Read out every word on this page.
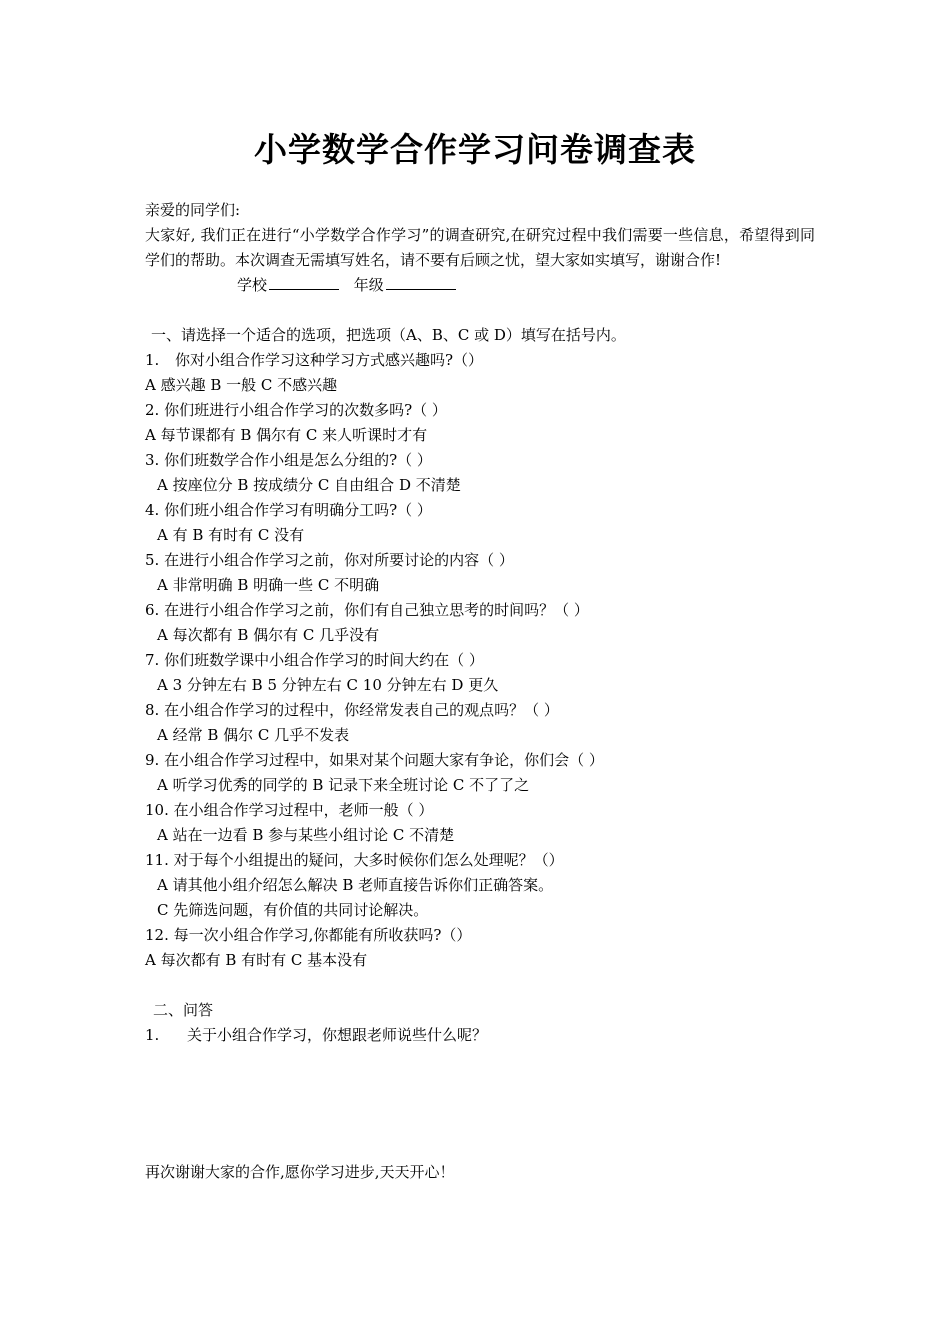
小学数学合作学习问卷调查表
亲爱的同学们:
大家好, 我们正在进行“小学数学合作学习”的调查研究,在研究过程中我们需要一些信息，希望得到同学们的帮助。本次调查无需填写姓名，请不要有后顾之忧，望大家如实填写，谢谢合作!
学校	年级
一、请选择一个适合的选项，把选项（A、B、C 或 D）填写在括号内。
1. 你对小组合作学习这种学习方式感兴趣吗?（）
A 感兴趣 B 一般 C 不感兴趣
2. 你们班进行小组合作学习的次数多吗?（ ）
A 每节课都有 B 偶尔有 C 来人听课时才有
3. 你们班数学合作小组是怎么分组的?（ ）
A 按座位分 B 按成绩分 C 自由组合 D 不清楚
4. 你们班小组合作学习有明确分工吗?（ ）
A 有 B 有时有 C 没有
5. 在进行小组合作学习之前，你对所要讨论的内容（ ）
A 非常明确 B 明确一些 C 不明确
6. 在进行小组合作学习之前，你们有自己独立思考的时间吗？（ ）
A 每次都有 B 偶尔有 C 几乎没有
7. 你们班数学课中小组合作学习的时间大约在（ ）
A 3 分钟左右 B 5 分钟左右 C 10 分钟左右 D 更久
8. 在小组合作学习的过程中，你经常发表自己的观点吗？（ ）
A 经常 B 偶尔 C 几乎不发表
9. 在小组合作学习过程中，如果对某个问题大家有争论，你们会（ ）
A 听学习优秀的同学的 B 记录下来全班讨论 C 不了了之
10. 在小组合作学习过程中，老师一般（ ）
A 站在一边看 B 参与某些小组讨论 C 不清楚
11. 对于每个小组提出的疑问，大多时候你们怎么处理呢？（）
A 请其他小组介绍怎么解决 B 老师直接告诉你们正确答案。
C 先筛选问题，有价值的共同讨论解决。
12. 每一次小组合作学习,你都能有所收获吗?（）
A 每次都有 B 有时有 C 基本没有
二、问答
1. 关于小组合作学习，你想跟老师说些什么呢？
再次谢谢大家的合作,愿你学习进步,天天开心！
